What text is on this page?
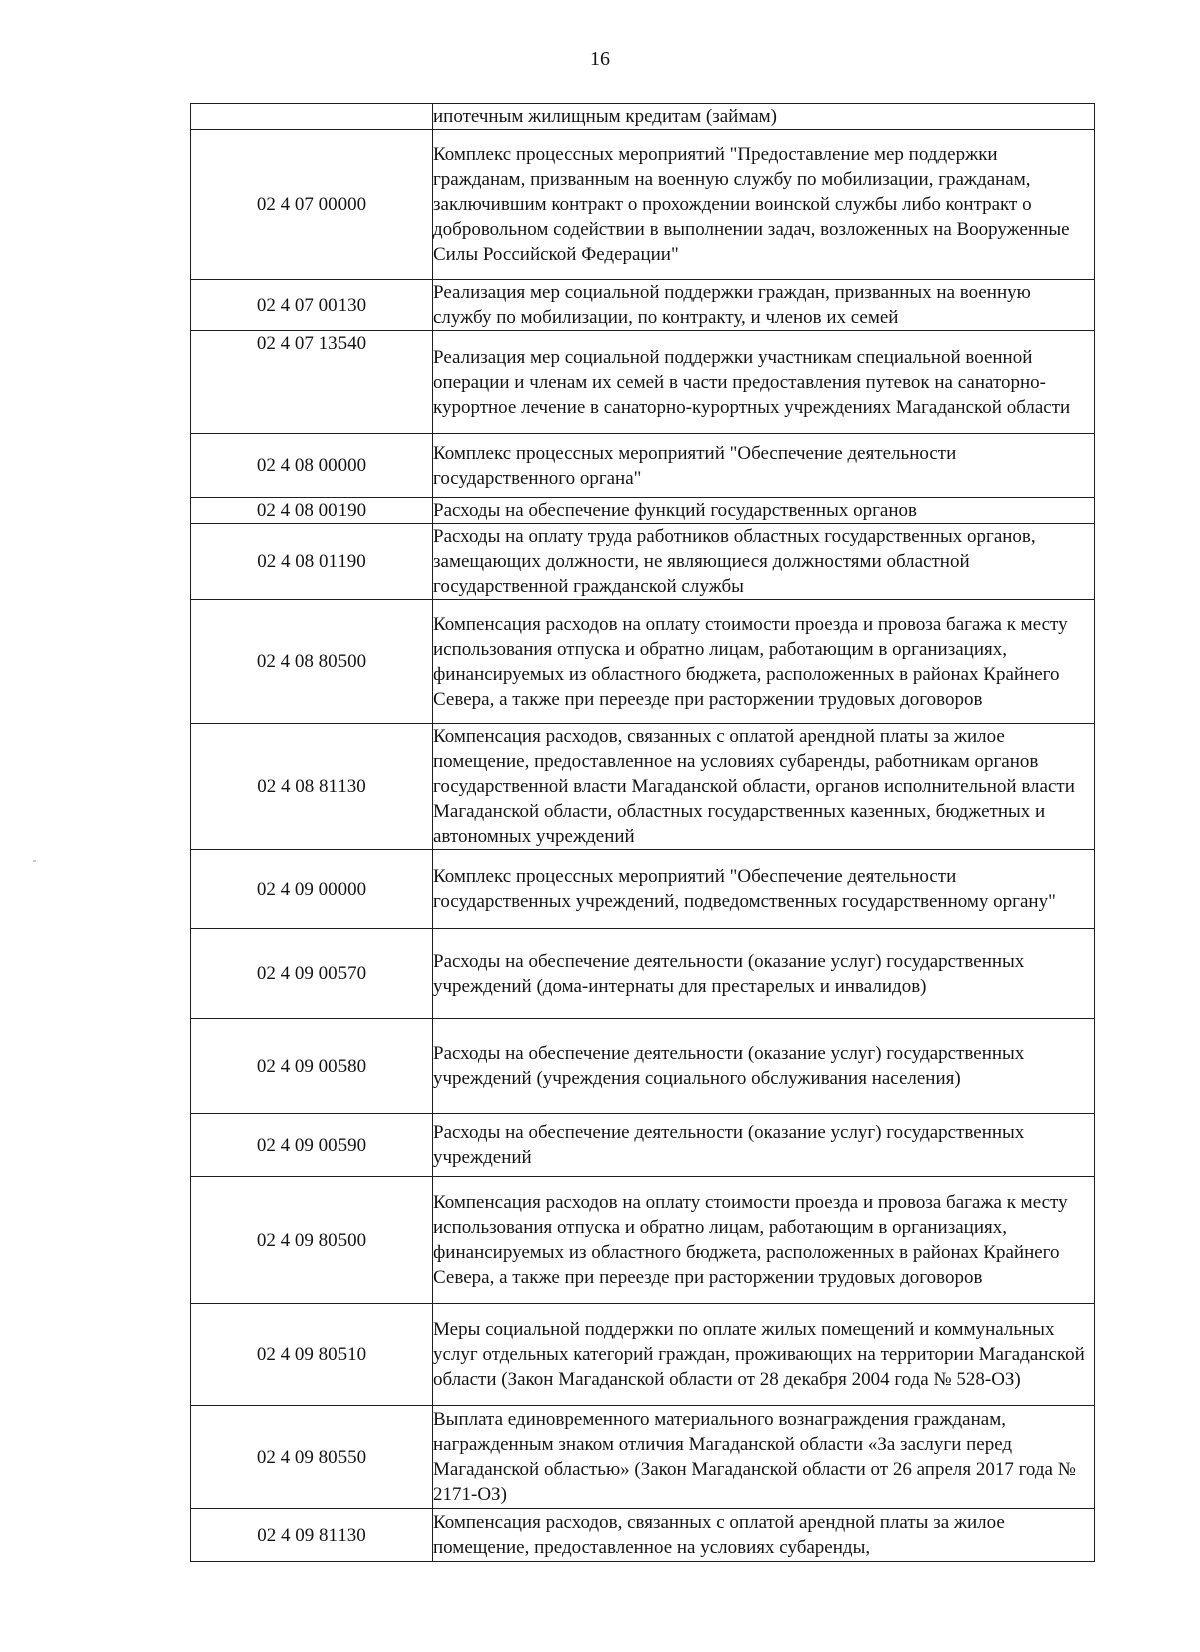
16
	ипотечным жилищным кредитам (займам)
02 4 07 00000	Комплекс процессных мероприятий "Предоставление мер поддержки гражданам, призванным на военную службу по мобилизации, гражданам, заключившим контракт о прохождении воинской службы либо контракт о добровольном содействии в выполнении задач, возложенных на Вооруженные Силы Российской Федерации"
02 4 07 00130	Реализация мер социальной поддержки граждан, призванных на военную службу по мобилизации, по контракту, и членов их семей
02 4 07 13540	Реализация мер социальной поддержки участникам специальной военной операции и членам их семей в части предоставления путевок на санаторно-курортное лечение в санаторно-курортных учреждениях Магаданской области
02 4 08 00000	Комплекс процессных мероприятий "Обеспечение деятельности государственного органа"
02 4 08 00190	Расходы на обеспечение функций государственных органов
02 4 08 01190	Расходы на оплату труда работников областных государственных органов, замещающих должности, не являющиеся должностями областной государственной гражданской службы
02 4 08 80500	Компенсация расходов на оплату стоимости проезда и провоза багажа к месту использования отпуска и обратно лицам, работающим в организациях, финансируемых из областного бюджета, расположенных в районах Крайнего Севера, а также при переезде при расторжении трудовых договоров
02 4 08 81130	Компенсация расходов, связанных с оплатой арендной платы за жилое помещение, предоставленное на условиях субаренды, работникам органов государственной власти Магаданской области, органов исполнительной власти Магаданской области, областных государственных казенных, бюджетных и автономных учреждений
02 4 09 00000	Комплекс процессных мероприятий "Обеспечение деятельности государственных учреждений, подведомственных государственному органу"
02 4 09 00570	Расходы на обеспечение деятельности (оказание услуг) государственных учреждений (дома-интернаты для престарелых и инвалидов)
02 4 09 00580	Расходы на обеспечение деятельности (оказание услуг) государственных учреждений (учреждения социального обслуживания населения)
02 4 09 00590	Расходы на обеспечение деятельности (оказание услуг) государственных учреждений
02 4 09 80500	Компенсация расходов на оплату стоимости проезда и провоза багажа к месту использования отпуска и обратно лицам, работающим в организациях, финансируемых из областного бюджета, расположенных в районах Крайнего Севера, а также при переезде при расторжении трудовых договоров
02 4 09 80510	Меры социальной поддержки по оплате жилых помещений и коммунальных услуг отдельных категорий граждан, проживающих на территории Магаданской области (Закон Магаданской области от 28 декабря 2004 года № 528-ОЗ)
02 4 09 80550	Выплата единовременного материального вознаграждения гражданам, награжденным знаком отличия Магаданской области «За заслуги перед Магаданской областью» (Закон Магаданской области от 26 апреля 2017 года № 2171-ОЗ)
02 4 09 81130	Компенсация расходов, связанных с оплатой арендной платы за жилое помещение, предоставленное на условиях субаренды,
